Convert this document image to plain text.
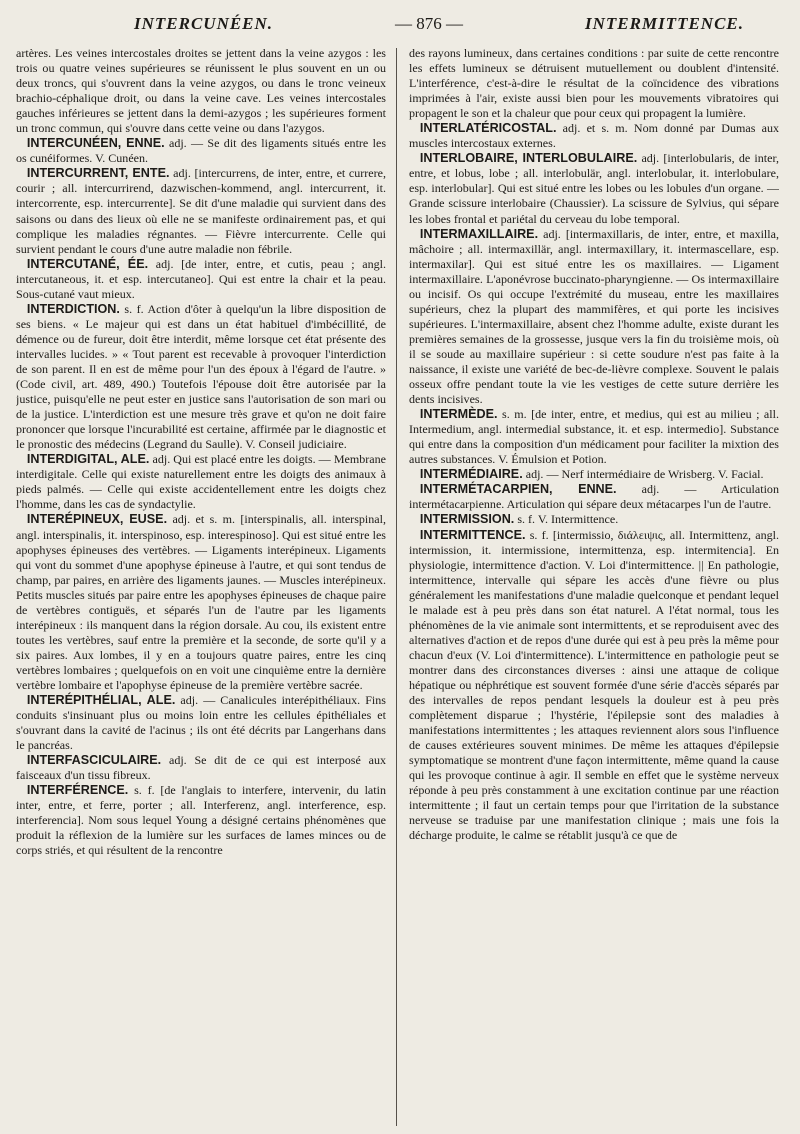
INTERCUNÉEN.	— 876 —	INTERMITTENCE.

artères. Les veines intercostales droites se jettent dans la veine azygos : les trois ou quatre veines supérieures se réunissent le plus souvent en un ou deux troncs, qui s'ouvrent dans la veine azygos, ou dans le tronc veineux brachio-céphalique droit, ou dans la veine cave. Les veines intercostales gauches inférieures se jettent dans la demi-azygos ; les supérieures forment un tronc commun, qui s'ouvre dans cette veine ou dans l'azygos.

INTERCUNÉEN, ENNE. adj. — Se dit des ligaments situés entre les os cunéiformes. V. Cunéen.

INTERCURRENT, ENTE. adj. [intercurrens, de inter, entre, et currere, courir ; all. intercurrirend, dazwischen-kommend, angl. intercurrent, it. intercorrente, esp. intercurrente]. Se dit d'une maladie qui survient dans des saisons ou dans des lieux où elle ne se manifeste ordinairement pas, et qui complique les maladies régnantes. — Fièvre intercurrente. Celle qui survient pendant le cours d'une autre maladie non fébrile.

INTERCUTANÉ, ÉE. adj. [de inter, entre, et cutis, peau ; angl. intercutaneous, it. et esp. intercutaneo]. Qui est entre la chair et la peau. Sous-cutané vaut mieux.

INTERDICTION. s. f. Action d'ôter à quelqu'un la libre disposition de ses biens. « Le majeur qui est dans un état habituel d'imbécillité, de démence ou de fureur, doit être interdit, même lorsque cet état présente des intervalles lucides. » « Tout parent est recevable à provoquer l'interdiction de son parent. Il en est de même pour l'un des époux à l'égard de l'autre. » (Code civil, art. 489, 490.) Toutefois l'épouse doit être autorisée par la justice, puisqu'elle ne peut ester en justice sans l'autorisation de son mari ou de la justice. L'interdiction est une mesure très grave et qu'on ne doit faire prononcer que lorsque l'incurabilité est certaine, affirmée par le diagnostic et le pronostic des médecins (Legrand du Saulle). V. Conseil judiciaire.

INTERDIGITAL, ALE. adj. Qui est placé entre les doigts. — Membrane interdigitale. Celle qui existe naturellement entre les doigts des animaux à pieds palmés. — Celle qui existe accidentellement entre les doigts chez l'homme, dans les cas de syndactylie.

INTERÉPINEUX, EUSE. adj. et s. m. [interspinalis, all. interspinal, angl. interspinalis, it. interspinoso, esp. interespinoso]. Qui est situé entre les apophyses épineuses des vertèbres. — Ligaments interépineux. Ligaments qui vont du sommet d'une apophyse épineuse à l'autre, et qui sont tendus de champ, par paires, en arrière des ligaments jaunes. — Muscles interépineux. Petits muscles situés par paire entre les apophyses épineuses de chaque paire de vertèbres contiguës, et séparés l'un de l'autre par les ligaments interépineux : ils manquent dans la région dorsale. Au cou, ils existent entre toutes les vertèbres, sauf entre la première et la seconde, de sorte qu'il y a six paires. Aux lombes, il y en a toujours quatre paires, entre les cinq vertèbres lombaires ; quelquefois on en voit une cinquième entre la dernière vertèbre lombaire et l'apophyse épineuse de la première vertèbre sacrée.

INTERÉPITHÉLIAL, ALE. adj. — Canalicules interépithéliaux. Fins conduits s'insinuant plus ou moins loin entre les cellules épithéliales et s'ouvrant dans la cavité de l'acinus ; ils ont été décrits par Langerhans dans le pancréas.

INTERFASCICULAIRE. adj. Se dit de ce qui est interposé aux faisceaux d'un tissu fibreux.

INTERFÉRENCE. s. f. [de l'anglais to interfere, intervenir, du latin inter, entre, et ferre, porter ; all. Interferenz, angl. interference, esp. interferencia]. Nom sous lequel Young a désigné certains phénomènes que produit la réflexion de la lumière sur les surfaces de lames minces ou de corps striés, et qui résultent de la rencontre

des rayons lumineux, dans certaines conditions : par suite de cette rencontre les effets lumineux se détruisent mutuellement ou doublent d'intensité. L'interférence, c'est-à-dire le résultat de la coïncidence des vibrations imprimées à l'air, existe aussi bien pour les mouvements vibratoires qui propagent le son et la chaleur que pour ceux qui propagent la lumière.

INTERLATÉRICOSTAL. adj. et s. m. Nom donné par Dumas aux muscles intercostaux externes.

INTERLOBAIRE, INTERLOBULAIRE. adj. [interlobularis, de inter, entre, et lobus, lobe ; all. interlobulär, angl. interlobular, it. interlobulare, esp. interlobular]. Qui est situé entre les lobes ou les lobules d'un organe. — Grande scissure interlobaire (Chaussier). La scissure de Sylvius, qui sépare les lobes frontal et pariétal du cerveau du lobe temporal.

INTERMAXILLAIRE. adj. [intermaxillaris, de inter, entre, et maxilla, mâchoire ; all. intermaxillär, angl. intermaxillary, it. intermascellare, esp. intermaxilar]. Qui est situé entre les os maxillaires. — Ligament intermaxillaire. L'aponévrose buccinato-pharyngienne. — Os intermaxillaire ou incisif. Os qui occupe l'extrémité du museau, entre les maxillaires supérieurs, chez la plupart des mammifères, et qui porte les incisives supérieures. L'intermaxillaire, absent chez l'homme adulte, existe durant les premières semaines de la grossesse, jusque vers la fin du troisième mois, où il se soude au maxillaire supérieur : si cette soudure n'est pas faite à la naissance, il existe une variété de bec-de-lièvre complexe. Souvent le palais osseux offre pendant toute la vie les vestiges de cette suture derrière les dents incisives.

INTERMÈDE. s. m. [de inter, entre, et medius, qui est au milieu ; all. Intermedium, angl. intermedial substance, it. et esp. intermedio]. Substance qui entre dans la composition d'un médicament pour faciliter la mixtion des autres substances. V. Émulsion et Potion.

INTERMÉDIAIRE. adj. — Nerf intermédiaire de Wrisberg. V. Facial.

INTERMÉTACARPIEN, ENNE. adj. — Articulation intermétacarpienne. Articulation qui sépare deux métacarpes l'un de l'autre.

INTERMISSION. s. f. V. Intermittence.

INTERMITTENCE. s. f. [intermissio, διάλειψις, all. Intermittenz, angl. intermission, it. intermissione, intermittenza, esp. intermitencia]. En physiologie, intermittence d'action. V. Loi d'intermittence. || En pathologie, intermittence, intervalle qui sépare les accès d'une fièvre ou plus généralement les manifestations d'une maladie quelconque et pendant lequel le malade est à peu près dans son état naturel. A l'état normal, tous les phénomènes de la vie animale sont intermittents, et se reproduisent avec des alternatives d'action et de repos d'une durée qui est à peu près la même pour chacun d'eux (V. Loi d'intermittence). L'intermittence en pathologie peut se montrer dans des circonstances diverses : ainsi une attaque de colique hépatique ou néphrétique est souvent formée d'une série d'accès séparés par des intervalles de repos pendant lesquels la douleur est à peu près complètement disparue ; l'hystérie, l'épilepsie sont des maladies à manifestations intermittentes ; les attaques reviennent alors sous l'influence de causes extérieures souvent minimes. De même les attaques d'épilepsie symptomatique se montrent d'une façon intermittente, même quand la cause qui les provoque continue à agir. Il semble en effet que le système nerveux réponde à peu près constamment à une excitation continue par une réaction intermittente ; il faut un certain temps pour que l'irritation de la substance nerveuse se traduise par une manifestation clinique ; mais une fois la décharge produite, le calme se rétablit jusqu'à ce que de
